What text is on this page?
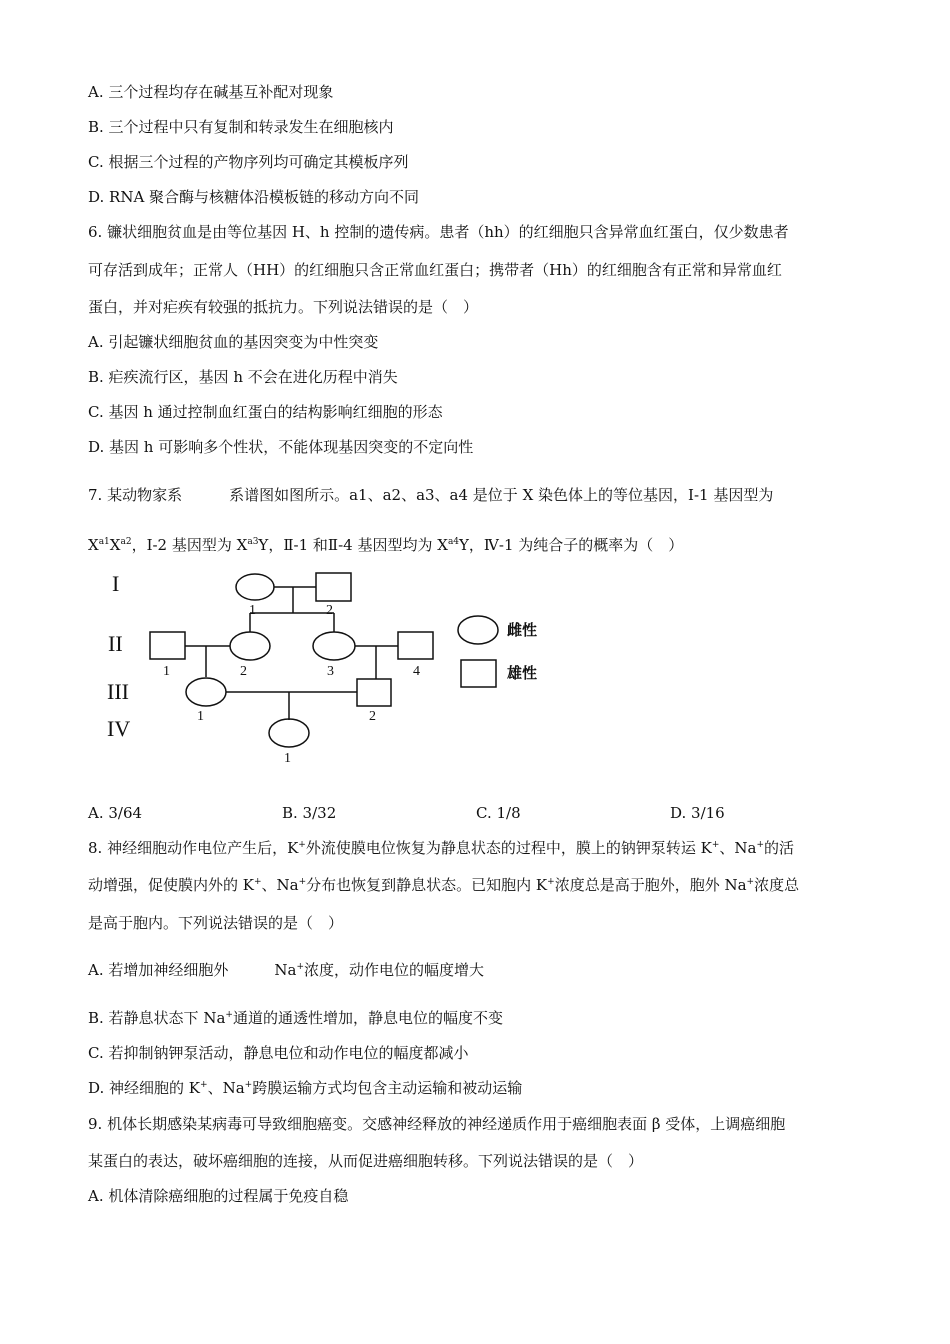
A. 三个过程均存在碱基互补配对现象
B. 三个过程中只有复制和转录发生在细胞核内
C. 根据三个过程的产物序列均可确定其模板序列
D. RNA 聚合酶与核糖体沿模板链的移动方向不同
6. 镰状细胞贫血是由等位基因 H、h 控制的遗传病。患者（hh）的红细胞只含异常血红蛋白，仅少数患者
可存活到成年；正常人（HH）的红细胞只含正常血红蛋白；携带者（Hh）的红细胞含有正常和异常血红
蛋白，并对疟疾有较强的抵抗力。下列说法错误的是（　）
A. 引起镰状细胞贫血的基因突变为中性突变
B. 疟疾流行区，基因 h 不会在进化历程中消失
C. 基因 h 通过控制血红蛋白的结构影响红细胞的形态
D. 基因 h 可影响多个性状，不能体现基因突变的不定向性
7. 某动物家系	系谱图如图所示。a1、a2、a3、a4 是位于 X 染色体上的等位基因，Ⅰ-1 基因型为
$X^{a1}X^{a2}$，Ⅰ-2 基因型为 $X^{a3}Y$，Ⅱ-1 和Ⅱ-4 基因型均为 $X^{a4}Y$，Ⅳ-1 为纯合子的概率为（　）
I
II
III
IV
1	2
1	2	3	4
1	2
1
雌性
雄性
A. 3/64	B. 3/32	C. 1/8	D. 3/16
8. 神经细胞动作电位产生后，K+外流使膜电位恢复为静息状态的过程中，膜上的钠钾泵转运 K+、Na+的活
动增强，促使膜内外的 K+、Na+分布也恢复到静息状态。已知胞内 K+浓度总是高于胞外，胞外 Na+浓度总
是高于胞内。下列说法错误的是（　）
A. 若增加神经细胞外	Na+浓度，动作电位的幅度增大
B. 若静息状态下 Na+通道的通透性增加，静息电位的幅度不变
C. 若抑制钠钾泵活动，静息电位和动作电位的幅度都减小
D. 神经细胞的 K+、Na+跨膜运输方式均包含主动运输和被动运输
9. 机体长期感染某病毒可导致细胞癌变。交感神经释放的神经递质作用于癌细胞表面 β 受体，上调癌细胞
某蛋白的表达，破坏癌细胞的连接，从而促进癌细胞转移。下列说法错误的是（　）
A. 机体清除癌细胞的过程属于免疫自稳
